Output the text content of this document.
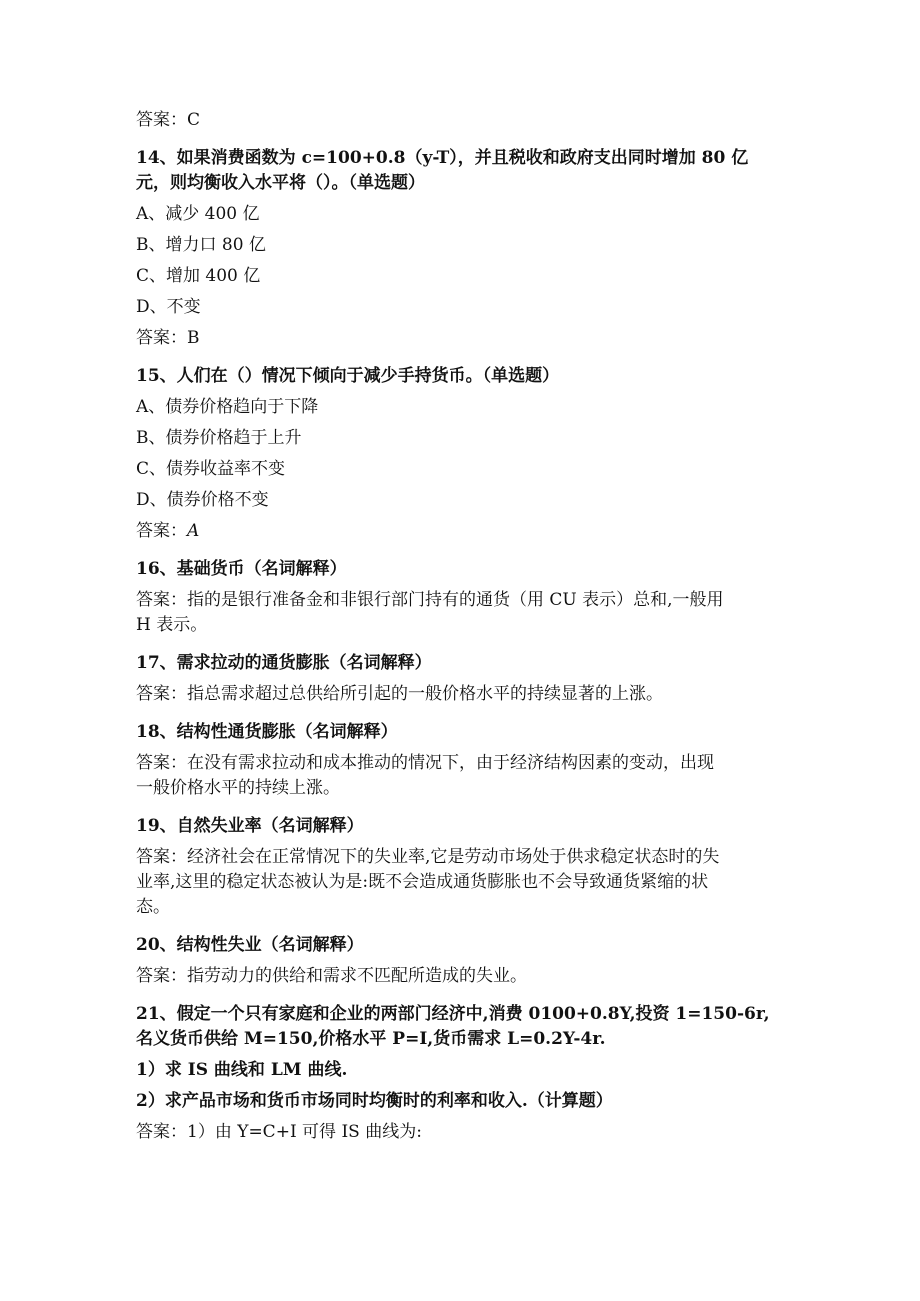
答案：C
14、如果消费函数为 c=100+0.8（y-T），并且税收和政府支出同时增加 80 亿
元，则均衡收入水平将（）。（单选题）
A、减少 400 亿
B、增力口 80 亿
C、增加 400 亿
D、不变
答案：B
15、人们在（）情况下倾向于减少手持货币。（单选题）
A、债券价格趋向于下降
B、债券价格趋于上升
C、债券收益率不变
D、债券价格不变
答案：A
16、基础货币（名词解释）
答案：指的是银行准备金和非银行部门持有的通货（用 CU 表示）总和,一般用
H 表示。
17、需求拉动的通货膨胀（名词解释）
答案：指总需求超过总供给所引起的一般价格水平的持续显著的上涨。
18、结构性通货膨胀（名词解释）
答案：在没有需求拉动和成本推动的情况下，由于经济结构因素的变动，出现
一般价格水平的持续上涨。
19、自然失业率（名词解释）
答案：经济社会在正常情况下的失业率,它是劳动市场处于供求稳定状态时的失
业率,这里的稳定状态被认为是:既不会造成通货膨胀也不会导致通货紧缩的状
态。
20、结构性失业（名词解释）
答案：指劳动力的供给和需求不匹配所造成的失业。
21、假定一个只有家庭和企业的两部门经济中,消费 0100+0.8Y,投资 1=150-6r,
名义货币供给 M=150,价格水平 P=I,货币需求 L=0.2Y-4r.
1）求 IS 曲线和 LM 曲线.
2）求产品市场和货币市场同时均衡时的利率和收入.（计算题）
答案：1）由 Y=C+I 可得 IS 曲线为:
